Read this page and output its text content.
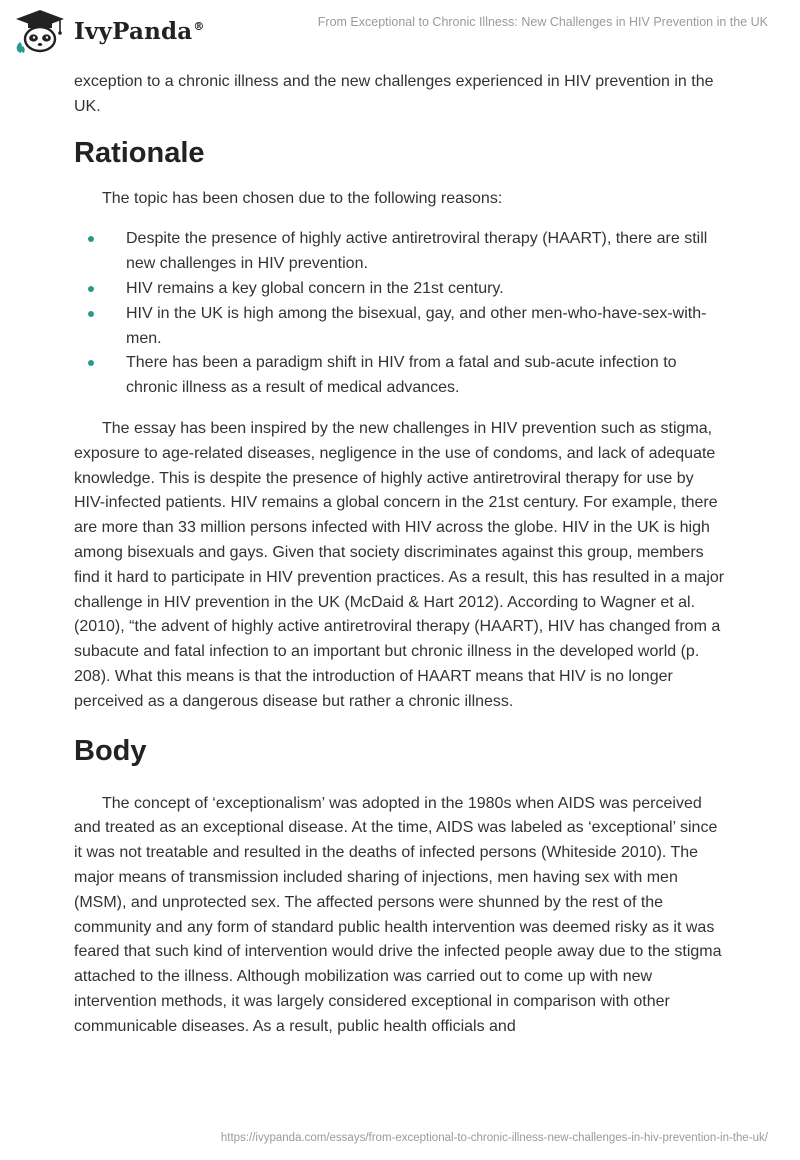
IvyPanda®	From Exceptional to Chronic Illness: New Challenges in HIV Prevention in the UK

exception to a chronic illness and the new challenges experienced in HIV prevention in the UK.

Rationale

The topic has been chosen due to the following reasons:

Despite the presence of highly active antiretroviral therapy (HAART), there are still new challenges in HIV prevention.
HIV remains a key global concern in the 21st century.
HIV in the UK is high among the bisexual, gay, and other men-who-have-sex-with-men.
There has been a paradigm shift in HIV from a fatal and sub-acute infection to chronic illness as a result of medical advances.

The essay has been inspired by the new challenges in HIV prevention such as stigma, exposure to age-related diseases, negligence in the use of condoms, and lack of adequate knowledge. This is despite the presence of highly active antiretroviral therapy for use by HIV-infected patients. HIV remains a global concern in the 21st century. For example, there are more than 33 million persons infected with HIV across the globe. HIV in the UK is high among bisexuals and gays. Given that society discriminates against this group, members find it hard to participate in HIV prevention practices. As a result, this has resulted in a major challenge in HIV prevention in the UK (McDaid & Hart 2012). According to Wagner et al. (2010), “the advent of highly active antiretroviral therapy (HAART), HIV has changed from a subacute and fatal infection to an important but chronic illness in the developed world (p. 208). What this means is that the introduction of HAART means that HIV is no longer perceived as a dangerous disease but rather a chronic illness.

Body

The concept of ‘exceptionalism’ was adopted in the 1980s when AIDS was perceived and treated as an exceptional disease. At the time, AIDS was labeled as ‘exceptional’ since it was not treatable and resulted in the deaths of infected persons (Whiteside 2010). The major means of transmission included sharing of injections, men having sex with men (MSM), and unprotected sex. The affected persons were shunned by the rest of the community and any form of standard public health intervention was deemed risky as it was feared that such kind of intervention would drive the infected people away due to the stigma attached to the illness. Although mobilization was carried out to come up with new intervention methods, it was largely considered exceptional in comparison with other communicable diseases. As a result, public health officials and

https://ivypanda.com/essays/from-exceptional-to-chronic-illness-new-challenges-in-hiv-prevention-in-the-uk/
